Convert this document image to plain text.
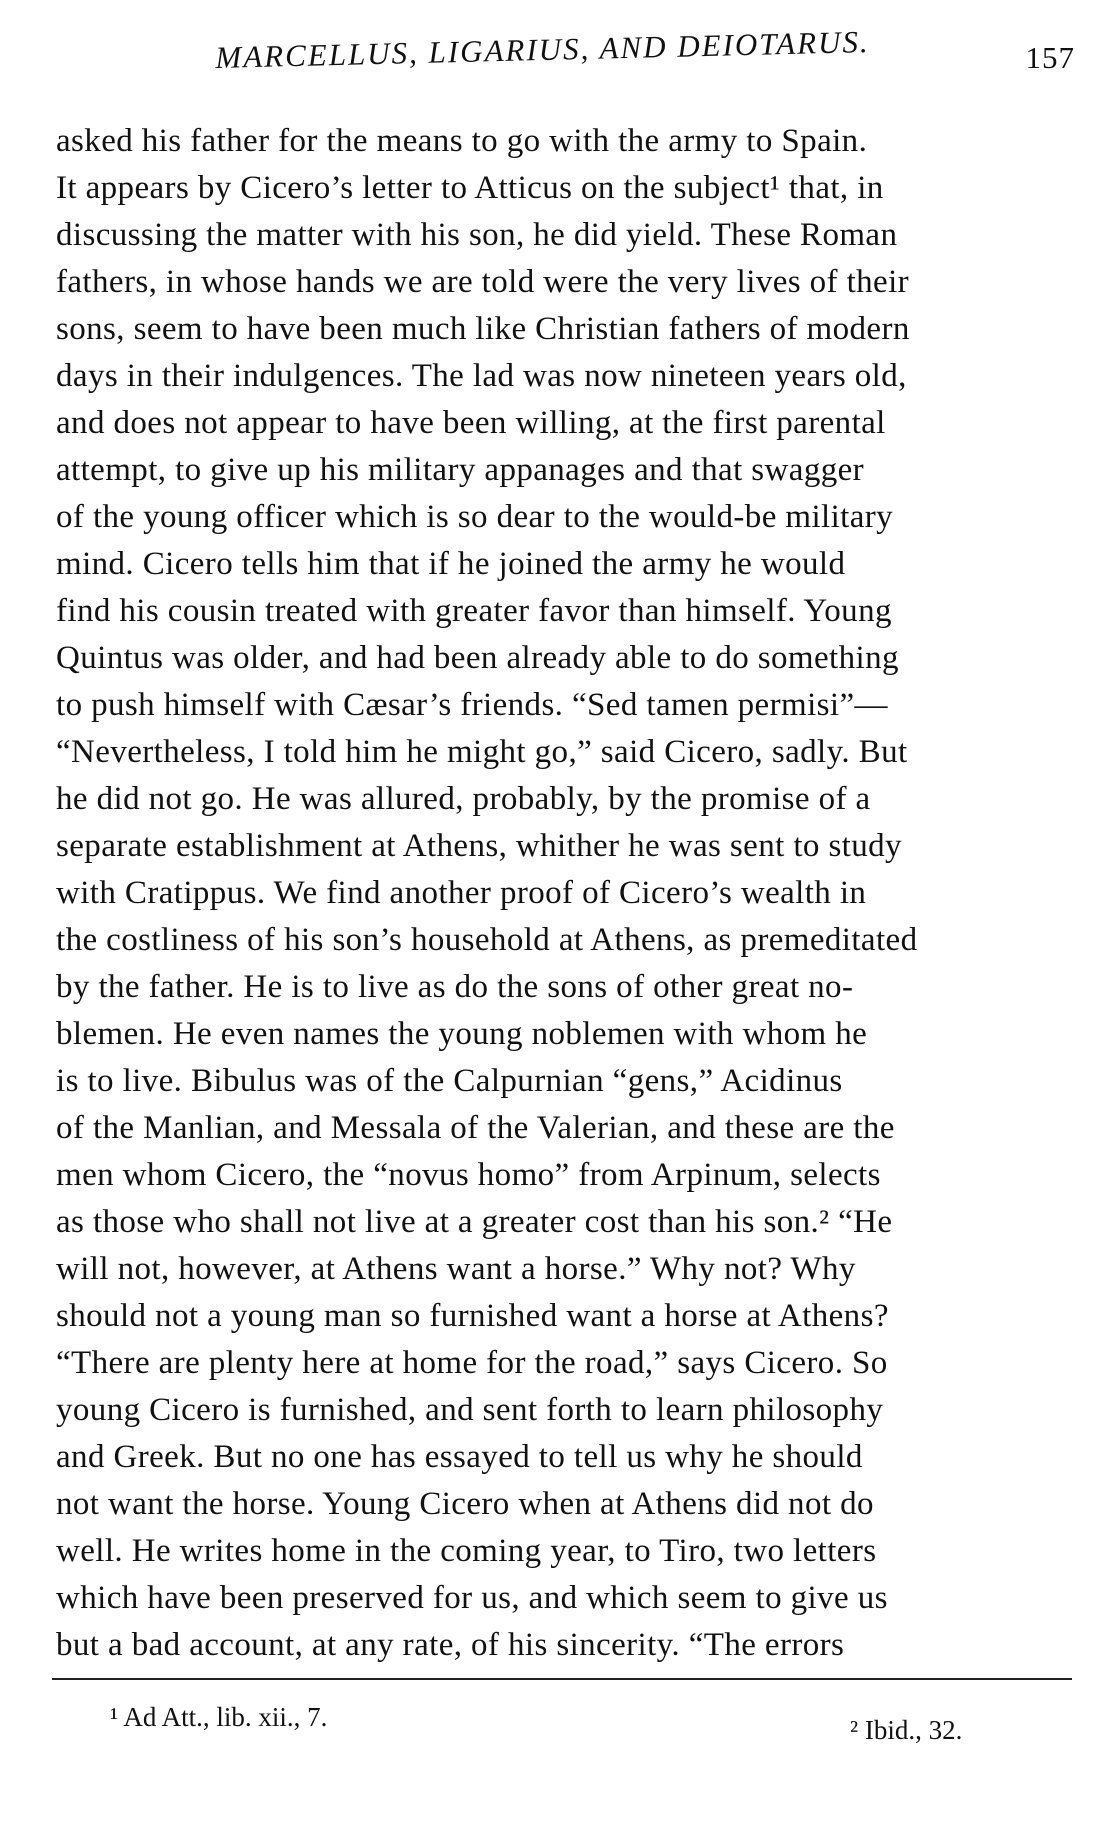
MARCELLUS, LIGARIUS, AND DEIOTARUS.	157
asked his father for the means to go with the army to Spain.
It appears by Cicero’s letter to Atticus on the subject¹ that, in
discussing the matter with his son, he did yield. These Roman
fathers, in whose hands we are told were the very lives of their
sons, seem to have been much like Christian fathers of modern
days in their indulgences. The lad was now nineteen years old,
and does not appear to have been willing, at the first parental
attempt, to give up his military appanages and that swagger
of the young officer which is so dear to the would-be military
mind. Cicero tells him that if he joined the army he would
find his cousin treated with greater favor than himself. Young
Quintus was older, and had been already able to do something
to push himself with Cæsar’s friends. “Sed tamen permisi”—
“Nevertheless, I told him he might go,” said Cicero, sadly. But
he did not go. He was allured, probably, by the promise of a
separate establishment at Athens, whither he was sent to study
with Cratippus. We find another proof of Cicero’s wealth in
the costliness of his son’s household at Athens, as premeditated
by the father. He is to live as do the sons of other great no-
blemen. He even names the young noblemen with whom he
is to live. Bibulus was of the Calpurnian “gens,” Acidinus
of the Manlian, and Messala of the Valerian, and these are the
men whom Cicero, the “novus homo” from Arpinum, selects
as those who shall not live at a greater cost than his son.² “He
will not, however, at Athens want a horse.” Why not? Why
should not a young man so furnished want a horse at Athens?
“There are plenty here at home for the road,” says Cicero. So
young Cicero is furnished, and sent forth to learn philosophy
and Greek. But no one has essayed to tell us why he should
not want the horse. Young Cicero when at Athens did not do
well. He writes home in the coming year, to Tiro, two letters
which have been preserved for us, and which seem to give us
but a bad account, at any rate, of his sincerity. “The errors
¹ Ad Att., lib. xii., 7.	² Ibid., 32.
